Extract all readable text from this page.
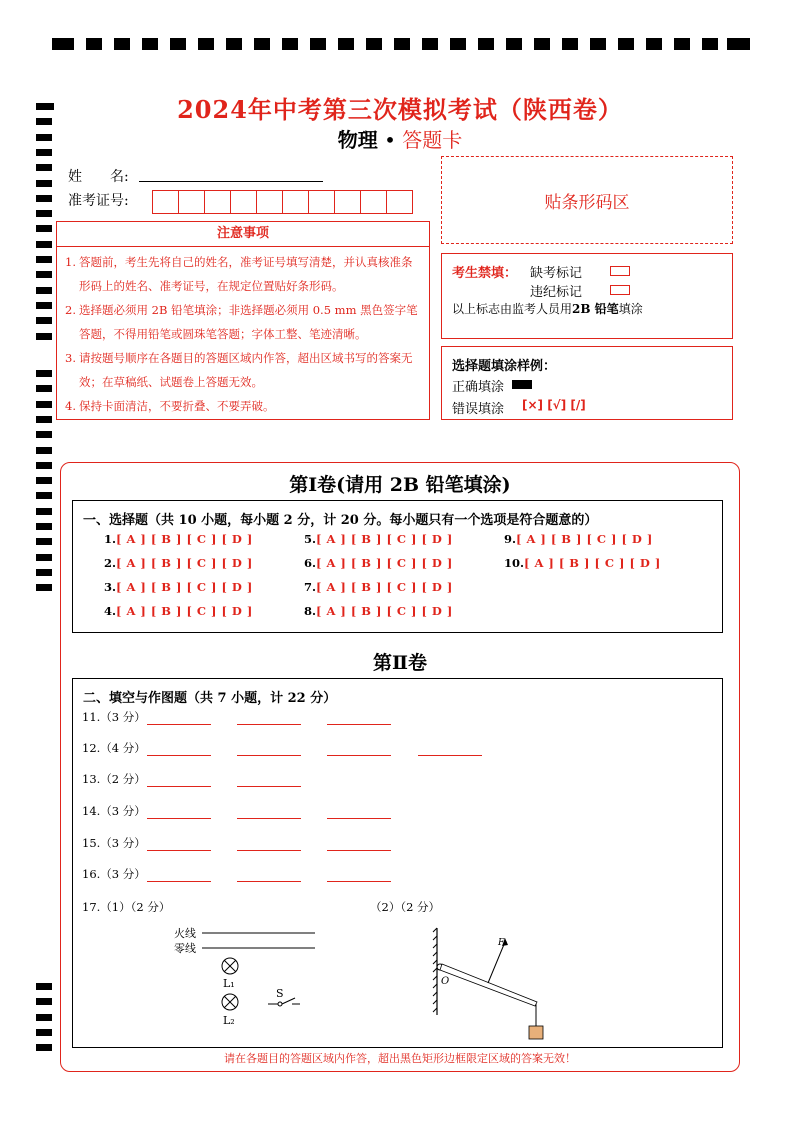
2024年中考第三次模拟考试（陕西卷）
物理 • 答题卡
姓　　名:
准考证号:	贴条形码区
注意事项
1. 答题前，考生先将自己的姓名，准考证号填写清楚，并认真核准条形码上的姓名、准考证号，在规定位置贴好条形码。
2. 选择题必须用 2B 铅笔填涂；非选择题必须用 0.5 mm 黑色签字笔答题，不得用铅笔或圆珠笔答题；字体工整、笔迹清晰。
3. 请按题号顺序在各题目的答题区域内作答，超出区域书写的答案无效；在草稿纸、试题卷上答题无效。
4. 保持卡面清洁，不要折叠、不要弄破。
考生禁填： 缺考标记
违纪标记
以上标志由监考人员用2B 铅笔填涂
选择题填涂样例：
正确填涂
错误填涂 [×] [√] [/]
第Ⅰ卷(请用 2B 铅笔填涂)
一、选择题（共 10 小题，每小题 2 分，计 20 分。每小题只有一个选项是符合题意的）
1.[ A ] [ B ] [ C ] [ D ]
2.[ A ] [ B ] [ C ] [ D ]
3.[ A ] [ B ] [ C ] [ D ]
4.[ A ] [ B ] [ C ] [ D ]
5.[ A ] [ B ] [ C ] [ D ]
6.[ A ] [ B ] [ C ] [ D ]
7.[ A ] [ B ] [ C ] [ D ]
8.[ A ] [ B ] [ C ] [ D ]
9.[ A ] [ B ] [ C ] [ D ]
10.[ A ] [ B ] [ C ] [ D ]
第Ⅱ卷
二、填空与作图题（共 7 小题，计 22 分）
11.（3 分）
12.（4 分）
13.（2 分）
14.（3 分）
15.（3 分）
16.（3 分）
17.（1）（2 分）	（2）（2 分）
火线
零线
L₁
L₂
S
O
F₁
请在各题目的答题区域内作答，超出黑色矩形边框限定区域的答案无效！
